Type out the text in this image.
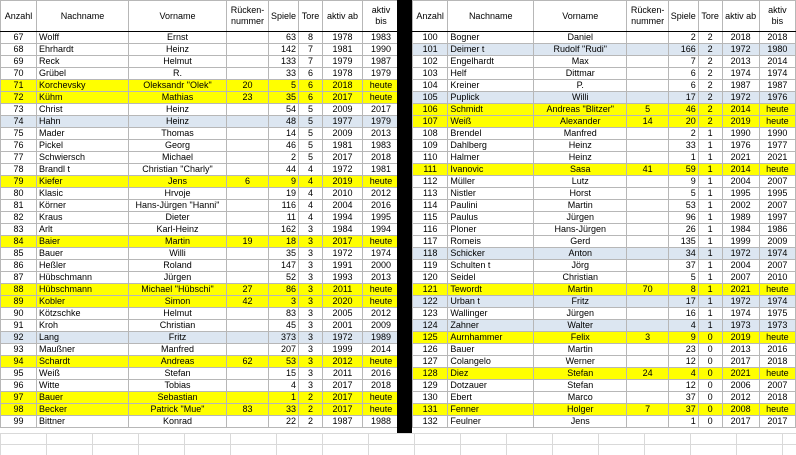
Anzahl	Nachname	Vorname	Rücken-nummer	Spiele	Tore	aktiv ab	aktiv bis
67	Wolff	Ernst		63	8	1978	1983
68	Ehrhardt	Heinz		142	7	1981	1990
69	Reck	Helmut		133	7	1979	1987
70	Grübel	R.		33	6	1978	1979
71	Korchevsky	Oleksandr "Olek"	20	5	6	2018	heute
72	Kühm	Mathias	23	35	6	2017	heute
73	Christ	Heinz		54	5	2009	2017
74	Hahn	Heinz		48	5	1977	1979
75	Mader	Thomas		14	5	2009	2013
76	Pickel	Georg		46	5	1981	1983
77	Schwiersch	Michael		2	5	2017	2018
78	Brandl t	Christian "Charly"		44	4	1972	1981
79	Kiefer	Jens	6	9	4	2019	heute
80	Klasic	Hrvoje		19	4	2010	2012
81	Körner	Hans-Jürgen "Hanni"		116	4	2004	2016
82	Kraus	Dieter		11	4	1994	1995
83	Arlt	Karl-Heinz		162	3	1984	1994
84	Baier	Martin	19	18	3	2017	heute
85	Bauer	Willi		35	3	1972	1974
86	Heßler	Roland		147	3	1991	2000
87	Hübschmann	Jürgen		52	3	1993	2013
88	Hübschmann	Michael "Hübschi"	27	86	3	2011	heute
89	Kobler	Simon	42	3	3	2020	heute
90	Kötzschke	Helmut		83	3	2005	2012
91	Kroh	Christian		45	3	2001	2009
92	Lang	Fritz		373	3	1972	1989
93	Maußner	Manfred		207	3	1999	2014
94	Schardt	Andreas	62	53	3	2012	heute
95	Weiß	Stefan		15	3	2011	2016
96	Witte	Tobias		4	3	2017	2018
97	Bauer	Sebastian		1	2	2017	heute
98	Becker	Patrick "Mue"	83	33	2	2017	heute
99	Bittner	Konrad		22	2	1987	1988
Anzahl	Nachname	Vorname	Rücken-nummer	Spiele	Tore	aktiv ab	aktiv bis
100	Bogner	Daniel		2	2	2018	2018
101	Deimer t	Rudolf "Rudi"		166	2	1972	1980
102	Engelhardt	Max		7	2	2013	2014
103	Helf	Dittmar		6	2	1974	1974
104	Kreiner	P.		6	2	1987	1987
105	Puplick	Willi		17	2	1972	1976
106	Schmidt	Andreas "Blitzer"	5	46	2	2014	heute
107	Weiß	Alexander	14	20	2	2019	heute
108	Brendel	Manfred		2	1	1990	1990
109	Dahlberg	Heinz		33	1	1976	1977
110	Halmer	Heinz		1	1	2021	2021
111	Ivanovic	Sasa	41	59	1	2014	heute
112	Müller	Lutz		9	1	2004	2007
113	Nistler	Horst		5	1	1995	1995
114	Paulini	Martin		53	1	2002	2007
115	Paulus	Jürgen		96	1	1989	1997
116	Ploner	Hans-Jürgen		26	1	1984	1986
117	Romeis	Gerd		135	1	1999	2009
118	Schicker	Anton		34	1	1972	1974
119	Schulten t	Jörg		37	1	2004	2007
120	Seidel	Christian		5	1	2007	2010
121	Tewordt	Martin	70	8	1	2021	heute
122	Urban t	Fritz		17	1	1972	1974
123	Wallinger	Jürgen		16	1	1974	1975
124	Zahner	Walter		4	1	1973	1973
125	Aurnhammer	Felix	3	9	0	2019	heute
126	Bauer	Martin		23	0	2013	2016
127	Colangelo	Werner		12	0	2017	2018
128	Diez	Stefan	24	4	0	2021	heute
129	Dotzauer	Stefan		12	0	2006	2007
130	Ebert	Marco		37	0	2012	2018
131	Fenner	Holger	7	37	0	2008	heute
132	Feulner	Jens		1	0	2017	2017
